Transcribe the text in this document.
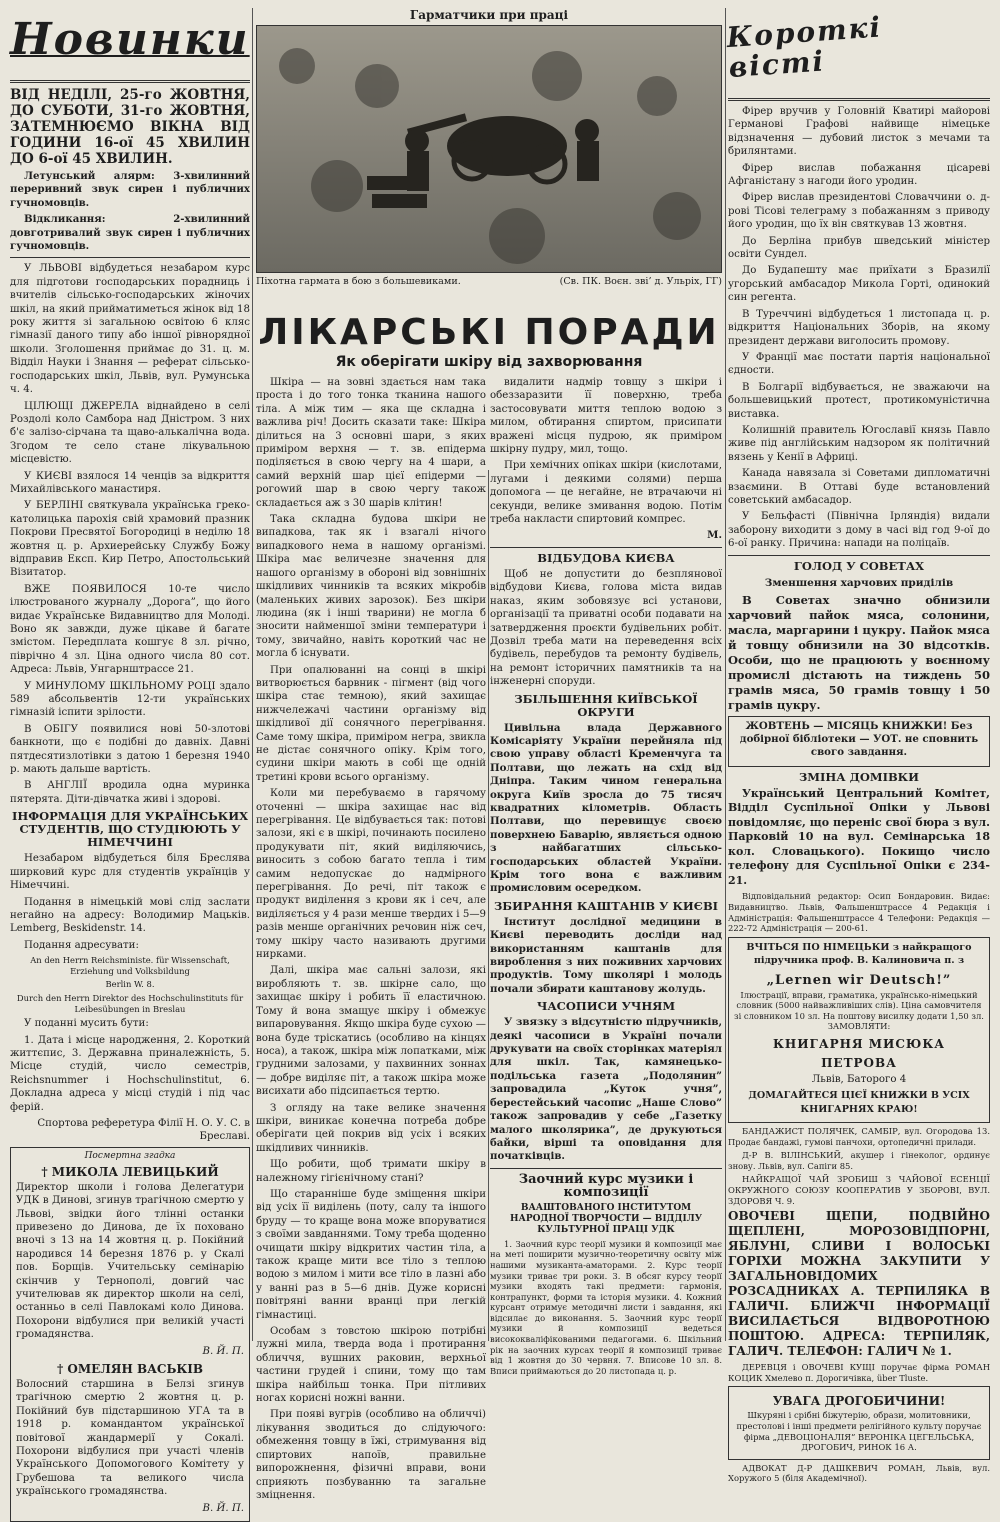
Новинки

ВІД НЕДІЛІ, 25-го ЖОВТНЯ, ДО СУБОТИ, 31-го ЖОВТНЯ, ЗАТЕМНЮЄМО ВІКНА ВІД ГОДИНИ 16-ої 45 ХВИЛИН ДО 6-ої 45 ХВИЛИН.

Летунський алярм: 3-хвилинний переривний звук сирен і публичних гучномовців.

Відкликання: 2-хвилинний довготривалий звук сирен і публичних гучномовців.

У ЛЬВОВІ відбудеться незабаром курс для підготови господарських порадниць і вчителів сільсько-господарських жіночих шкіл, на який прийматиметься жінок від 18 року життя зі загальною освітою 6 кляс гімназії даного типу або іншої рівнорядної школи. Зголошення приймає до 31. ц. м. Відділ Науки і Знання — реферат сільсько-господарських шкіл, Львів, вул. Румунська ч. 4.

ЦІЛЮЩІ ДЖЕРЕЛА віднайдено в селі Роздолі коло Самбора над Дністром. З них б'є залізо-сірчана та щаво-алькалічна вода. Згодом те село стане лікувальною місцевістю.

У КИЄВІ взялося 14 ченців за відкриття Михайлівського манастиря.

У БЕРЛІНІ святкувала українська греко-католицька парохія свій храмовий празник Покрови Пресвятої Богородиці в неділю 18 жовтня ц. р. Архиерейську Службу Божу відправив Експ. Кир Петро, Апостольський Візитатор.

ВЖЕ ПОЯВИЛОСЯ 10-те число ілюстрованого журналу „Дорога”, що його видає Українське Видавництво для Молоді. Воно як завжди, дуже цікаве й багате змістом. Передплата кошгує 8 зл. річно, піврічно 4 зл. Ціна одного числа 80 сот. Адреса: Львів, Унгарнштрассе 21.

У МИНУЛОМУ ШКІЛЬНОМУ РОЦІ здало 589 абсольвентів 12-ти українських гімназій іспити зрілости.

В ОБІГУ появилися нові 50-злотові банкноти, що є подібні до давніх. Давні пятдесятизлотівки з датою 1 березня 1940 р. мають дальше вартість.

В АНГЛІЇ вродила одна муринка пятерята. Діти-дівчатка живі і здорові.

ІНФОРМАЦІЯ ДЛЯ УКРАЇНСЬКИХ СТУДЕНТІВ, ЩО СТУДІЮЮТЬ У НІМЕЧЧИНІ

Незабаром відбудеться біля Бреслява ширковий курс для студентів українців у Німеччині.

Подання в німецькій мові слід заслати негайно на адресу: Володимир Мацьків. Lemberg, Beskidenstr. 14.

Подання адресувати:

An den Herrn Reichsministe. für Wissenschaft, Erziehung und Volksbildung

Berlin W. 8.

Durch den Herrn Direktor des Hochschulinstituts für Leibesübungen in Breslau

У поданні мусить бути:

1. Дата і місце народження, 2. Короткий життєпис, 3. Державна приналежність, 5. Місце студій, число семестрів, Reichsnummer і Hochschulinstitut, 6. Докладна адреса у місці студій і під час ферій.

Спортова реферетура Філії Н. О. У. С. в Бреславі.

Посмертна згадка
† МИКОЛА ЛЕВИЦЬКИЙ

Директор школи і голова Делегатури УДК в Динові, згинув трагічною смертю у Львові, звідки його тлінні останки привезено до Динова, де їх поховано вночі з 13 на 14 жовтня ц. р. Покійний народився 14 березня 1876 р. у Скалі пов. Борщів. Учительську семінарію скінчив у Тернополі, довгий час учителював як директор школи на селі, останньо в селі Павлокамі коло Динова. Похорони відбулися при великій участі громадянства.

В. Й. П.

† ОМЕЛЯН ВАСЬКІВ

Волосний старшина в Белзі згинув трагічною смертю 2 жовтня ц. р. Покійний був підстаршиною УГА та в 1918 р. командантом української повітової жандармерії у Сокалі. Похорони відбулися при участі членів Українського Допомогового Комітету у Грубешова та великого числа українського громадянства.

В. Й. П.

Гарматчики при праці
Піхотна гармата в бою з большевиками.	(Св. ПК. Воєн. зві’ д. Ульріх, ГГ)
ЛІКАРСЬКІ ПОРАДИ
Як оберігати шкіру від захворювання

Шкіра — на зовні здається нам така проста і до того тонка тканина нашого тіла. А між тим — яка ще складна і важлива річ! Досить сказати таке: Шкіра ділиться на 3 основні шари, з яких приміром верхня — т. зв. епідерма поділяється в свою чергу на 4 шари, а самий верхній шар цієї епідерми — рогowий шар в свою чергу також складається аж з 30 шарів клітин!

Така складна будова шкіри не випадкова, так як і взагалі нічого випадкового нема в нашому організмі. Шкіра має величезне значення для нашого організму в обороні від зовнішніх шкідливих чинників та всяких мікробів (маленьких живих зарозок). Без шкіри людина (як і інші тварини) не могла б зносити найменшої зміни температури і тому, звичайно, навіть короткий час не могла б існувати.

При опалюванні на сонці в шкірі витворюється барвник - пігмент (від чого шкіра стає темною), який захищає нижчележачі частини організму від шкідливої дії сонячного перегрівання. Саме тому шкіра, приміром негра, звикла не дістає сонячного опіку. Крім того, судини шкіри мають в собі ще одній третині крови всього організму.

Коли ми перебуваємо в гарячому оточенні — шкіра захищає нас від перегрівання. Це відбувається так: потові залози, які є в шкірі, починають посилено продукувати піт, який виділяючись, виносить з собою багато тепла і тим самим недопускає до надмірного перегрівання. До речі, піт також є продукт виділення з крови як і сеч, але виділяється у 4 рази менше твердих і 5—9 разів менше органічних речовин ніж сеч, тому шкіру часто називають другими нирками.

Далі, шкіра має сальні залози, які виробляють т. зв. шкірне сало, що захищає шкіру і робить її еластичною. Тому й вона змащує шкіру і обмежує випаровування. Якщо шкіра буде сухою — вона буде тріскатись (особливо на кінцях носа), а також, шкіра між лопатками, між грудними залозами, у пахвинних зоннах — добре виділяє піт, а також шкіра може висихати або підсипається тертю.

З огляду на таке велике значення шкіри, виникає конечна потреба добре оберігати цей покрив від усіх і всяких шкідливих чинників.

Що робити, щоб тримати шкіру в належному гігієнічному стані?

Що старанніше буде зміщення шкіри від усіх її виділень (поту, салу та іншого бруду — то краще вона може впоруватися з своїми завданнями. Тому треба щоденно очищати шкіру відкритих частин тіла, а також краще мити все тіло з теплою водою з милом і мити все тіло в лазні або у ванні раз в 5—6 днів. Дуже корисні повітряні ванни вранці при легкій гімнастиці.

Особам з товстою шкірою потрібні лужні мила, тверда вода і протирання обличчя, вушних раковин, верхньої частини грудей і спини, тому що там шкіра найбільш тонка. При пітливих ногах корисні ножні ванни.

При появі вугрів (особливо на обличчі) лікування зводиться до слідуючого: обмеження товщу в їжі, стримування від спиртових напоїв, правильне випорожнення, фізичні вправи, вони сприяють позбуванню та загальне зміцнення.

видалити надмір товщу з шкіри і обеззаразити її поверхню, треба застосовувати миття теплою водою з милом, обтирання спиртом, присипати вражені місця пудрою, як приміром шкірну пудру, мил, тощо.

При хемічних опіках шкіри (кислотами, лугами і деякими солями) перша допомога — це негайне, не втрачаючи ні секунди, велике змивання водою. Потім треба накласти спиртовий компрес.

М.

ВІДБУДОВА КИЄВА

Щоб не допустити до безплянової відбудови Києва, голова міста видав наказ, яким зобовязує всі установи, організації та приватні особи подавати на затвердження проєкти будівельних робіт. Дозвіл треба мати на переведення всіх будівель, перебудов та ремонту будівель, на ремонт історичних памятників та на інженерні споруди.

ЗБІЛЬШЕННЯ КИЇВСЬКОЇ ОКРУГИ

Цивільна влада Державного Комісаріяту України перейняла під свою управу області Кременчуга та Полтави, що лежать на схід від Дніпра. Таким чином генеральна округа Київ зросла до 75 тисяч квадратних кілометрів. Область Полтави, що перевищує своєю поверхнею Баварію, являється одною з найбагатших сільсько-господарських областей України. Крім того вона є важливим промисловим осередком.

ЗБИРАННЯ КАШТАНІВ У КИЄВІ

Інститут дослідної медицини в Києві переводить досліди над використанням каштанів для вироблення з них поживних харчових продуктів. Тому школярі і молодь почали збирати каштанову жолудь.

ЧАСОПИСИ УЧНЯМ

У звязку з відсутністю підручників, деякі часописи в Україні почали друкувати на своїх сторінках матеріял для шкіл. Так, камянецько-подільська газета „Подолянин” запровадила „Куток учня”, берестейський часопис „Наше Слово” також запровадив у себе „Газетку малого школярика”, де друкуються байки, вірші та оповідання для початківців.

Заочний курс музики і композиції
ВААШТОВАНОГО ІНСТИТУТОМ НАРОДНОЇ ТВОРЧОСТИ — ВІДДІЛУ КУЛЬТУРНОЇ ПРАЦІ УДК

1. Заочний курс теорії музики й композиції має на меті поширити музично-теоретичну освіту між нашими музиканта-аматорами. 2. Курс теорії музики триває три роки. 3. В обсяг курсу теорії музики входять такі предмети: гармонія, контрапункт, форми та історія музики. 4. Кожний курсант отримує методичні листи і завдання, які відсилає до виконання. 5. Заочний курс теорії музики й композиції ведеться висококваліфікованими педагогами. 6. Шкільний рік на заочних курсах теорії й композиції триває від 1 жовтня до 30 червня. 7. Вписове 10 зл. 8. Вписи приймаються до 20 листопада ц. р.

Короткі вісті

Фірер вручив у Головній Кватирі майорові Германові Графові найвище німецьке відзначення — дубовий листок з мечами та брилянтами.

Фірер вислав побажання цісареві Афганістану з нагоди його уродин.

Фірер вислав президентові Словаччини о. д-рові Тісові телеграму з побажанням з приводу його уродин, що їх він святкував 13 жовтня.

До Берліна прибув шведський міністер освіти Сундел.

До Будапешту має приїхати з Бразилії угорський амбасадор Микола Горті, одинокий син регента.

В Туреччині відбудеться 1 листопада ц. р. відкриття Національних Зборів, на якому президент держави виголосить промову.

У Франції має постати партія національної єдности.

В Болгарії відбувається, не зважаючи на большевицький протест, протикомуністична виставка.

Колишній правитель Югославії князь Павло живе під англійським надзором як політичний вязень у Кенії в Африці.

Канада навязала зі Советами дипломатичні взаємини. В Оттаві буде встановлений советський амбасадор.

У Бельфасті (Північна Ірляндія) видали заборону виходити з дому в часі від год 9-ої до 6-ої ранку. Причина: напади на поліцаїв.

ГОЛОД У СОВЕТАХ
Зменшення харчових приділів

В Советах значно обнизили харчовий пайок мяса, солонини, масла, маргарини і цукру. Пайок мяса й товщу обнизили на 30 відсотків. Особи, що не працюють у воєнному промислі дістають на тиждень 50 грамів мяса, 50 грамів товщу і 50 грамів цукру.

ЖОВТЕНЬ — МІСЯЦЬ КНИЖКИ! Без добірної бібліотеки — УОТ. не сповнить свого завдання.

ЗМІНА ДОМІВКИ

Український Центральний Комітет, Відділ Суспільної Опіки у Львові повідомляє, що переніс свої бюра з вул. Парковій 10 на вул. Семінарська 18 кол. Словацького). Покищо число телефону для Суспільної Опіки є 234-21.

Відповідальний редактор: Осип Бондаровин. Видає: Видавництво. Львів, Фальшенштрассе 4 Редакція і Адміністрація: Фальшенштрассе 4 Телефони: Редакція — 222-72 Адміністрація — 200-61.

ВЧІТЬСЯ ПО НІМЕЦЬКИ з найкращого підручника проф. В. Калиновича п. з

„Lernen wir Deutsch!”

Ілюстрації, вправи, граматика, українсько-німецький словник (5000 найважливіших слів). Ціна самовчителя зі словником 10 зл. На поштову висилку додати 1,50 зл. ЗАМОВЛЯТИ:

КНИГАРНЯ МИСЮКА ПЕТРОВА

Львів, Баторого 4

ДОМАГАЙТЕСЯ ЦІЄЇ КНИЖКИ В УСІХ КНИГАРНЯХ КРАЮ!

БАНДАЖИСТ ПОЛЯЧЕК, САМБІР, вул. Огородова 13. Продає бандажі, гумові панчохи, ортопедичні прилади.

Д-Р В. ВІЛІНСЬКИЙ, акушер і гінеколог, ординує знову. Львів, вул. Сапіги 85.

НАЙКРАЩОЇ ЧАЙ ЗРОБИШ З ЧАЙОВОЇ ЕСЕНЦІЇ ОКРУЖНОГО СОЮЗУ КООПЕРАТИВ У ЗБОРОВІ, ВУЛ. ЗДОРОВЯ Ч. 9.

ОВОЧЕВІ ЩЕПИ, ПОДВІЙНО ЩЕПЛЕНІ, МОРОЗОВІДПОРНІ, ЯБЛУНІ, СЛИВИ І ВОЛОСЬКІ ГОРІХИ МОЖНА ЗАКУПИТИ У ЗАГАЛЬНОВІДОМИХ РОЗСАДНИКАХ А. ТЕРПИЛЯКА В ГАЛИЧІ. БЛИЖЧІ ІНФОРМАЦІЇ ВИСИЛАЄТЬСЯ ВІДВОРОТНОЮ ПОШТОЮ. АДРЕСА: ТЕРПИЛЯК, ГАЛИЧ. ТЕЛЕФОН: ГАЛИЧ № 1.

ДЕРЕВЦЯ і ОВОЧЕВІ КУЩІ поручає фірма РОМАН КОЦИК Хмелево п. Дорогичівка, über Tluste.

УВАГА ДРОГОБИЧИНИ!

Шкуряні і срібні біжутерію, образи, молитовники, престолові і інші предмети релігійного культу поручає фірма „ДЕВОЦІОНАЛІЯ” ВЕРОНІКА ЦЕГЕЛЬСЬКА, ДРОГОБИЧ, РИНОК 16 А.

АДВОКАТ Д-Р ДАШКЕВИЧ РОМАН, Львів, вул. Хоружого 5 (біля Академічної).
